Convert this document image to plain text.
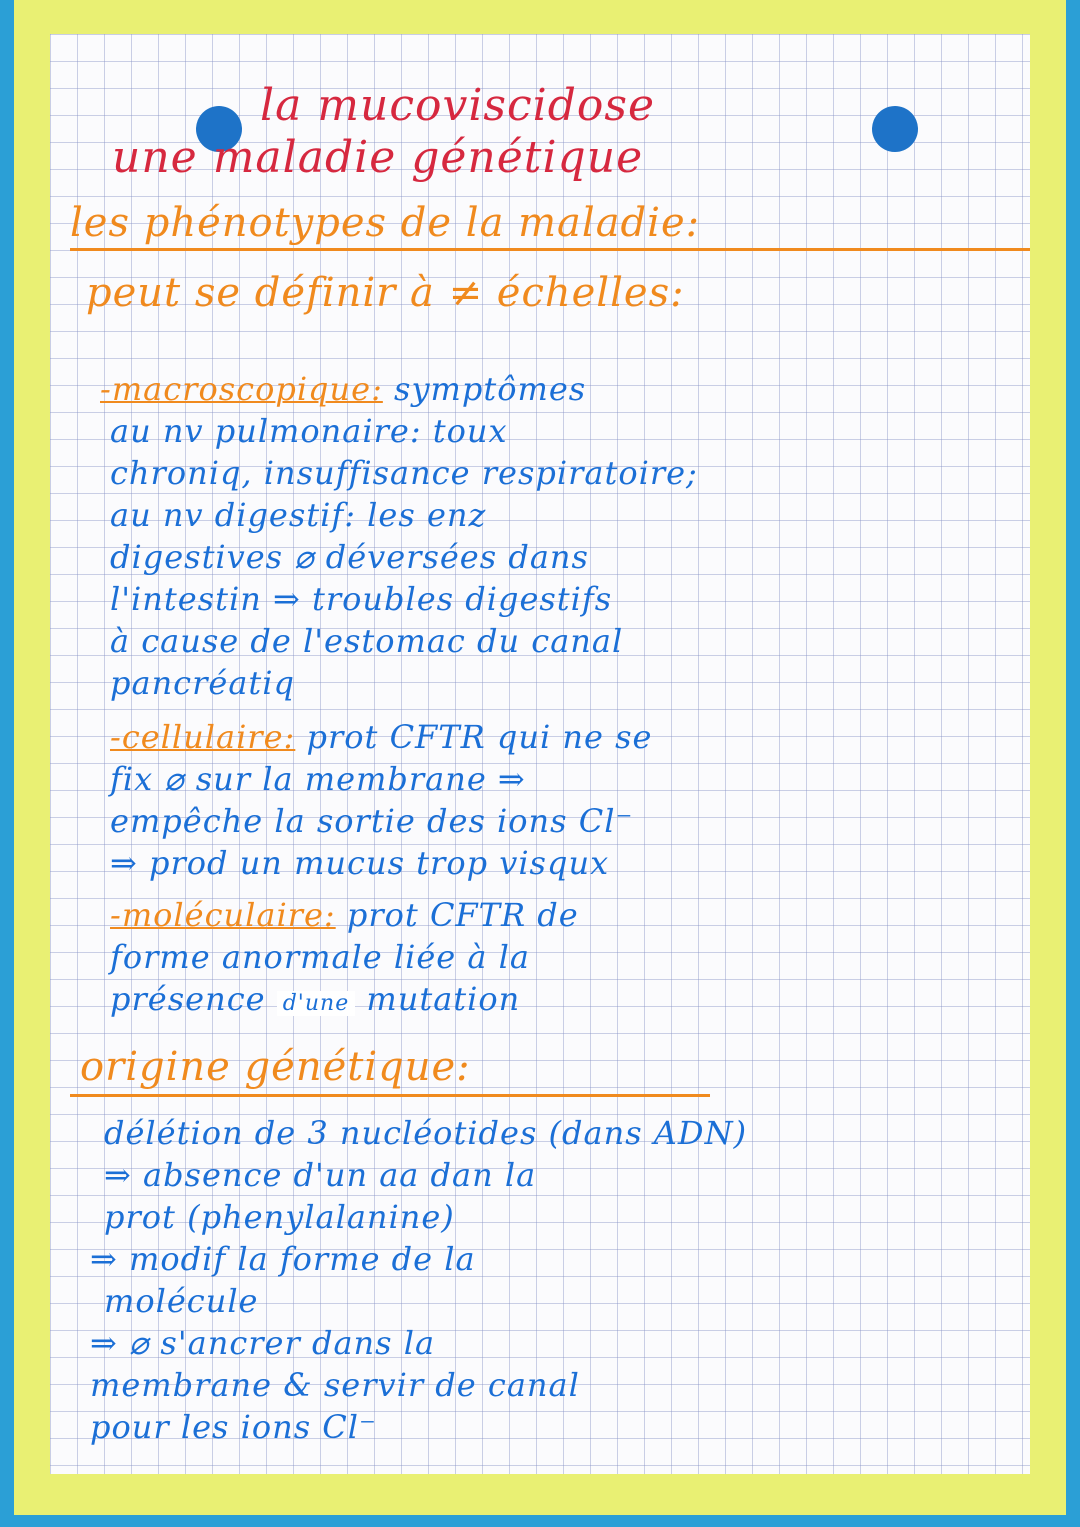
la mucoviscidose

une maladie génétique

les phénotypes de la maladie:

peut se définir à ≠ échelles:

-macroscopique: symptômes

au nv pulmonaire: toux

chroniq, insuffisance respiratoire;

au nv digestif: les enz

digestives ⌀ déversées dans

l'intestin ⇒ troubles digestifs

à cause de l'estomac du canal

pancréatiq

-cellulaire: prot CFTR qui ne se

fix ⌀ sur la membrane ⇒

empêche la sortie des ions Cl⁻

⇒ prod un mucus trop visqux

-moléculaire: prot CFTR de

forme anormale liée à la

présence d'une mutation

origine génétique:

délétion de 3 nucléotides (dans ADN)

⇒ absence d'un aa dan la

prot (phenylalanine)

⇒ modif la forme de la

molécule

⇒ ⌀ s'ancrer dans la

membrane & servir de canal

pour les ions Cl⁻
